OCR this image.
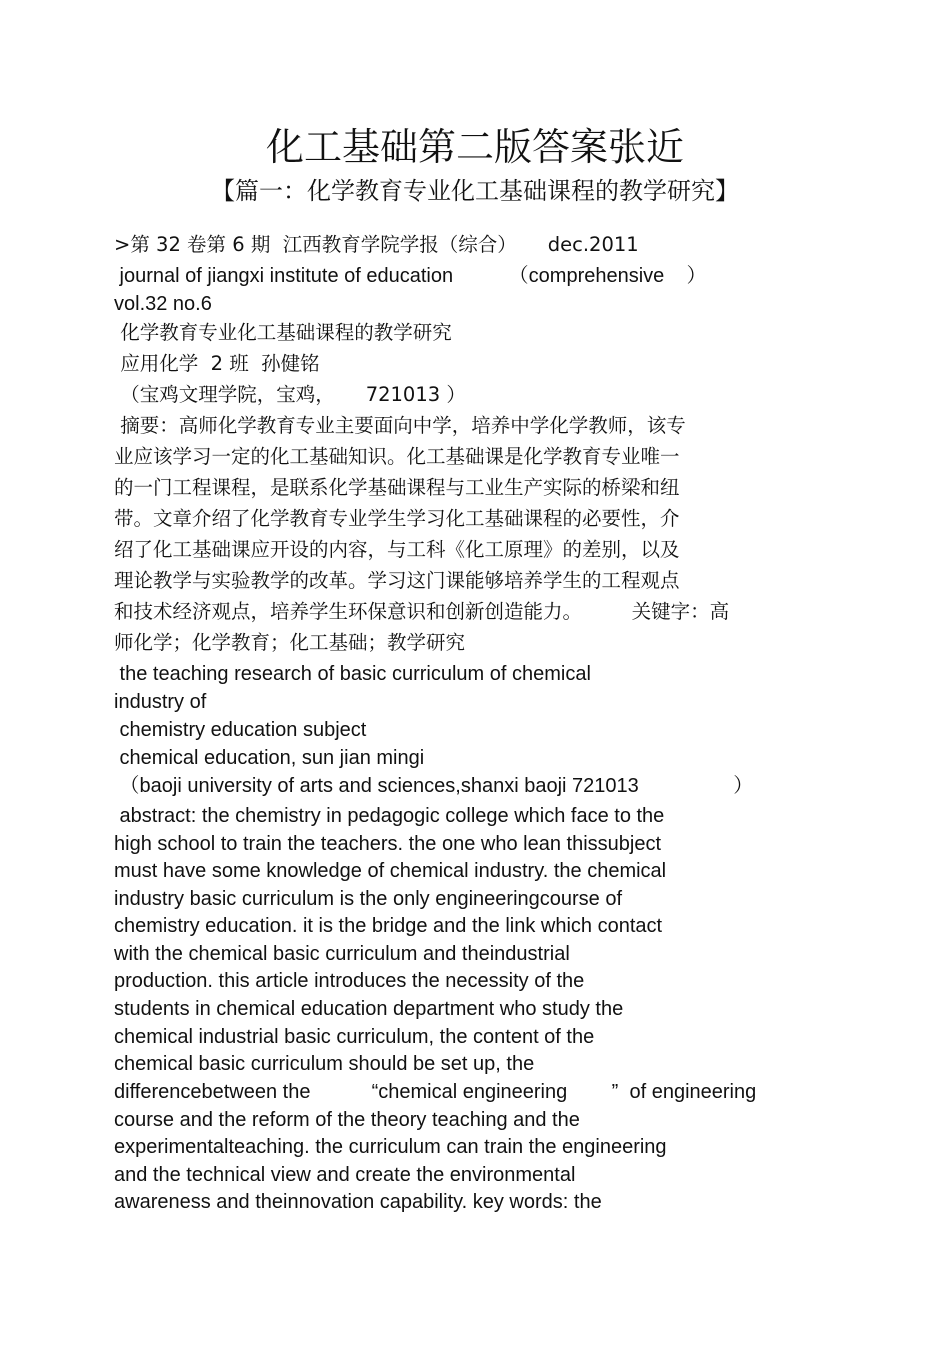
化工基础第二版答案张近
【篇一：化学教育专业化工基础课程的教学研究】
>第 32 卷第 6 期  江西教育学院学报（综合）     dec.2011
journal of jiangxi institute of education          （comprehensive    ）
vol.32 no.6
化学教育专业化工基础课程的教学研究
应用化学  2 班  孙健铭
（宝鸡文理学院，宝鸡，     721013 ）
摘要：高师化学教育专业主要面向中学，培养中学化学教师，该专
业应该学习一定的化工基础知识。化工基础课是化学教育专业唯一
的一门工程课程，是联系化学基础课程与工业生产实际的桥梁和纽
带。文章介绍了化学教育专业学生学习化工基础课程的必要性，介
绍了化工基础课应开设的内容，与工科《化工原理》的差别，以及
理论教学与实验教学的改革。学习这门课能够培养学生的工程观点
和技术经济观点，培养学生环保意识和创新创造能力。        关键字：高
师化学；化学教育；化工基础；教学研究
the teaching research of basic curriculum of chemical
industry of
chemistry education subject
chemical education, sun jian mingi
（baoji university of arts and sciences,shanxi baoji 721013                 ）
abstract: the chemistry in pedagogic college which face to the
high school to train the teachers. the one who lean thissubject
must have some knowledge of chemical industry. the chemical
industry basic curriculum is the only engineeringcourse of
chemistry education. it is the bridge and the link which contact
with the chemical basic curriculum and theindustrial
production. this article introduces the necessity of the
students in chemical education department who study the
chemical industrial basic curriculum, the content of the
chemical basic curriculum should be set up, the
differencebetween the           “chemical engineering        ”  of engineering
course and the reform of the theory teaching and the
experimentalteaching. the curriculum can train the engineering
and the technical view and create the environmental
awareness and theinnovation capability. key words: the
